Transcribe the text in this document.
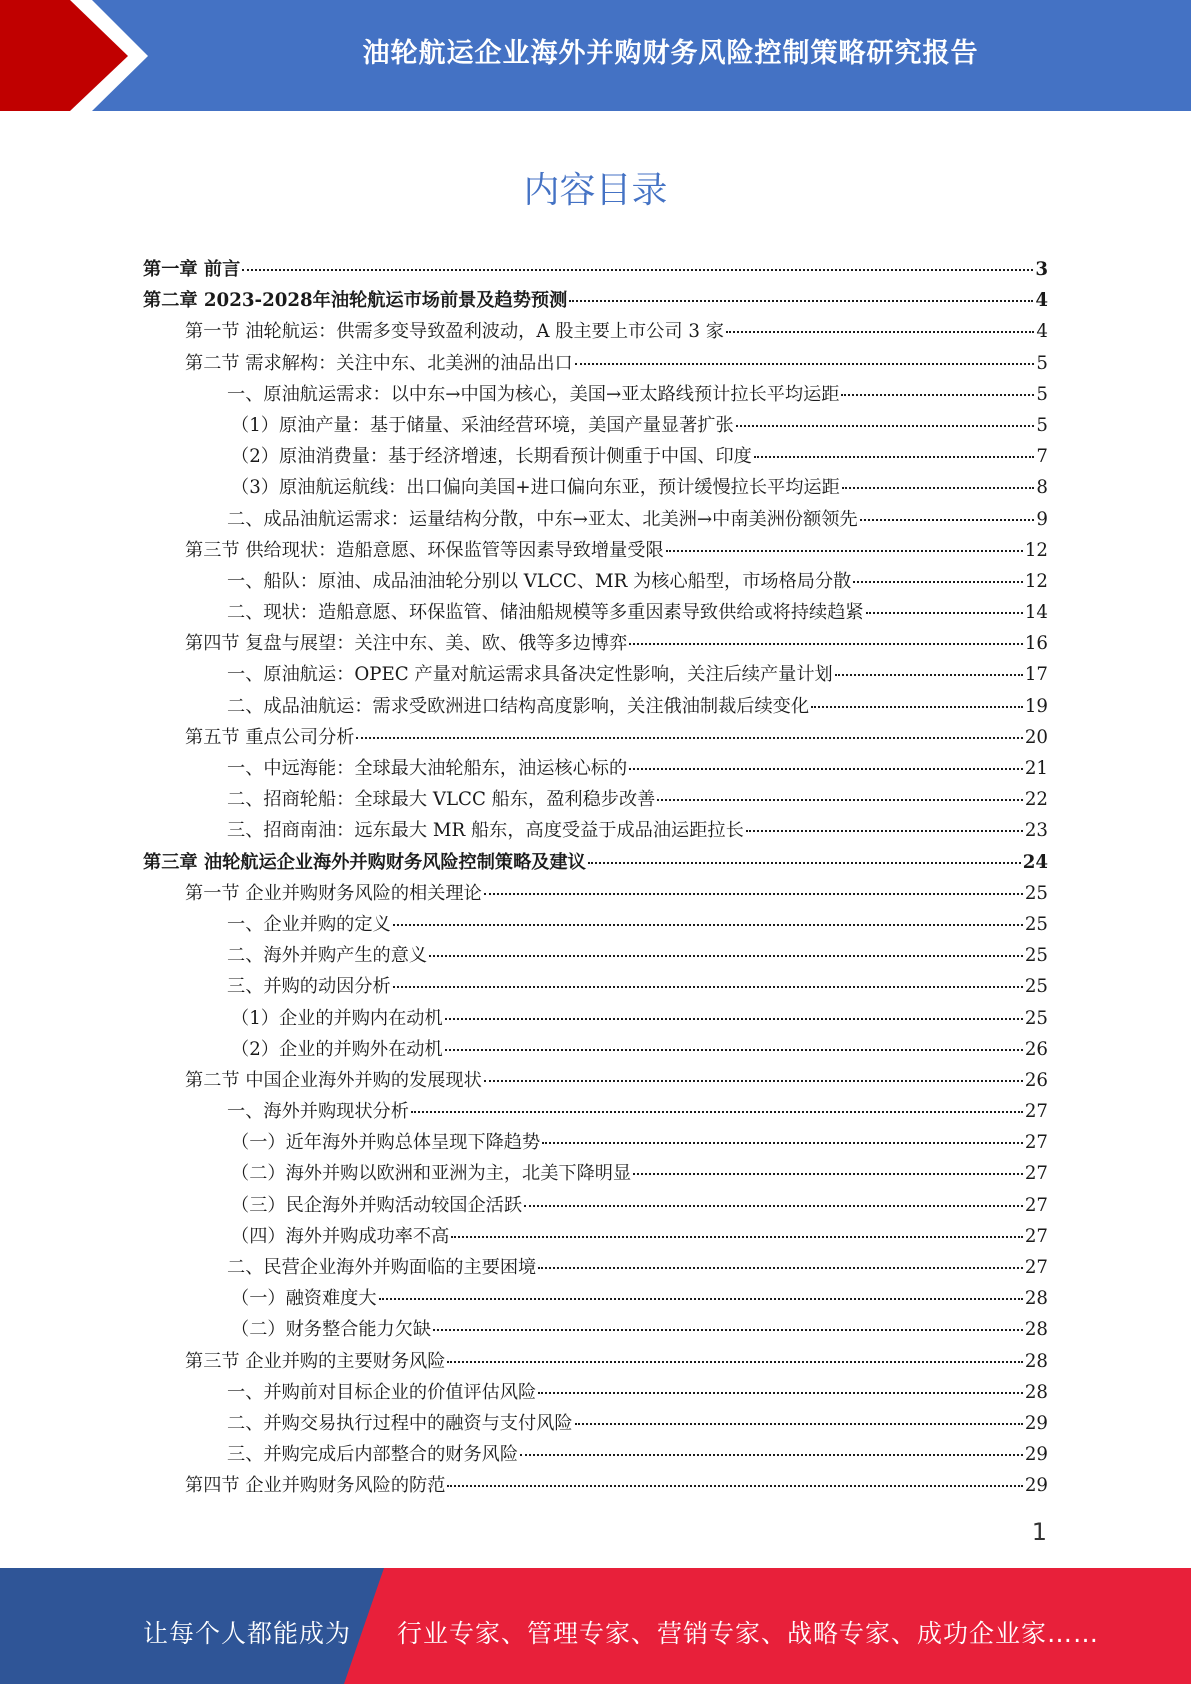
油轮航运企业海外并购财务风险控制策略研究报告
内容目录
第一章 前言	3
第二章 2023-2028年油轮航运市场前景及趋势预测	4
第一节 油轮航运：供需多变导致盈利波动，A 股主要上市公司 3 家	4
第二节 需求解构：关注中东、北美洲的油品出口	5
一、原油航运需求：以中东→中国为核心，美国→亚太路线预计拉长平均运距	5
（1）原油产量：基于储量、采油经营环境，美国产量显著扩张	5
（2）原油消费量：基于经济增速，长期看预计侧重于中国、印度	7
（3）原油航运航线：出口偏向美国+进口偏向东亚，预计缓慢拉长平均运距	8
二、成品油航运需求：运量结构分散，中东→亚太、北美洲→中南美洲份额领先	9
第三节 供给现状：造船意愿、环保监管等因素导致增量受限	12
一、船队：原油、成品油油轮分别以 VLCC、MR 为核心船型，市场格局分散	12
二、现状：造船意愿、环保监管、储油船规模等多重因素导致供给或将持续趋紧	14
第四节 复盘与展望：关注中东、美、欧、俄等多边博弈	16
一、原油航运：OPEC 产量对航运需求具备决定性影响，关注后续产量计划	17
二、成品油航运：需求受欧洲进口结构高度影响，关注俄油制裁后续变化	19
第五节 重点公司分析	20
一、中远海能：全球最大油轮船东，油运核心标的	21
二、招商轮船：全球最大 VLCC 船东，盈利稳步改善	22
三、招商南油：远东最大 MR 船东，高度受益于成品油运距拉长	23
第三章 油轮航运企业海外并购财务风险控制策略及建议	24
第一节 企业并购财务风险的相关理论	25
一、企业并购的定义	25
二、海外并购产生的意义	25
三、并购的动因分析	25
（1）企业的并购内在动机	25
（2）企业的并购外在动机	26
第二节 中国企业海外并购的发展现状	26
一、海外并购现状分析	27
（一）近年海外并购总体呈现下降趋势	27
（二）海外并购以欧洲和亚洲为主，北美下降明显	27
（三）民企海外并购活动较国企活跃	27
（四）海外并购成功率不高	27
二、民营企业海外并购面临的主要困境	27
（一）融资难度大	28
（二）财务整合能力欠缺	28
第三节 企业并购的主要财务风险	28
一、并购前对目标企业的价值评估风险	28
二、并购交易执行过程中的融资与支付风险	29
三、并购完成后内部整合的财务风险	29
第四节 企业并购财务风险的防范	29
1
让每个人都能成为 行业专家、管理专家、营销专家、战略专家、成功企业家……
